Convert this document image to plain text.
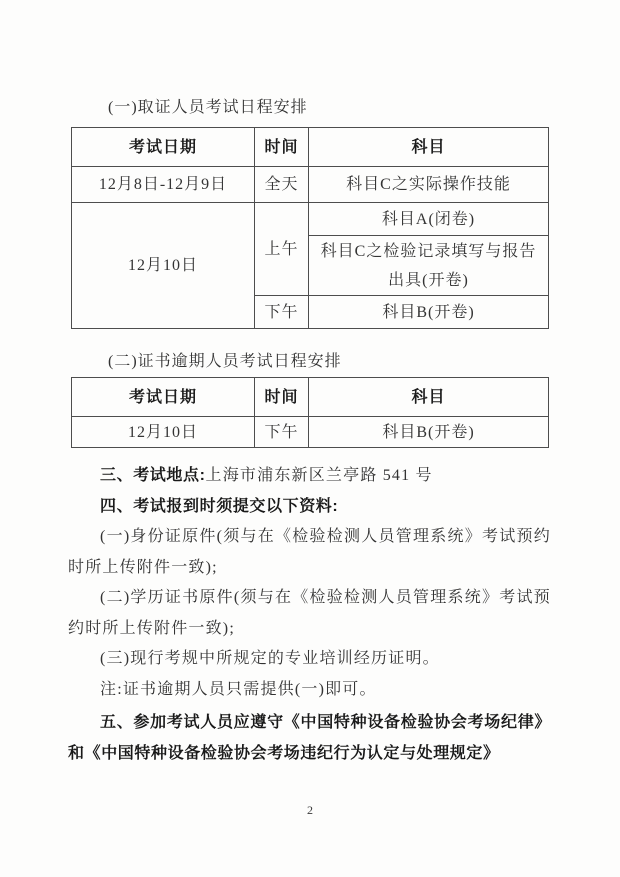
(一)取证人员考试日程安排
考试日期	时间	科目
12月8日-12月9日	全天	科目C之实际操作技能
12月10日	上午	科目A(闭卷)
		科目C之检验记录填写与报告出具(开卷)
	下午	科目B(开卷)
(二)证书逾期人员考试日程安排
考试日期	时间	科目
12月10日	下午	科目B(开卷)

三、考试地点:上海市浦东新区兰亭路 541 号

四、考试报到时须提交以下资料:

(一)身份证原件(须与在《检验检测人员管理系统》考试预约时所上传附件一致);

(二)学历证书原件(须与在《检验检测人员管理系统》考试预约时所上传附件一致);

(三)现行考规中所规定的专业培训经历证明。

注:证书逾期人员只需提供(一)即可。

五、参加考试人员应遵守《中国特种设备检验协会考场纪律》和《中国特种设备检验协会考场违纪行为认定与处理规定》

2
